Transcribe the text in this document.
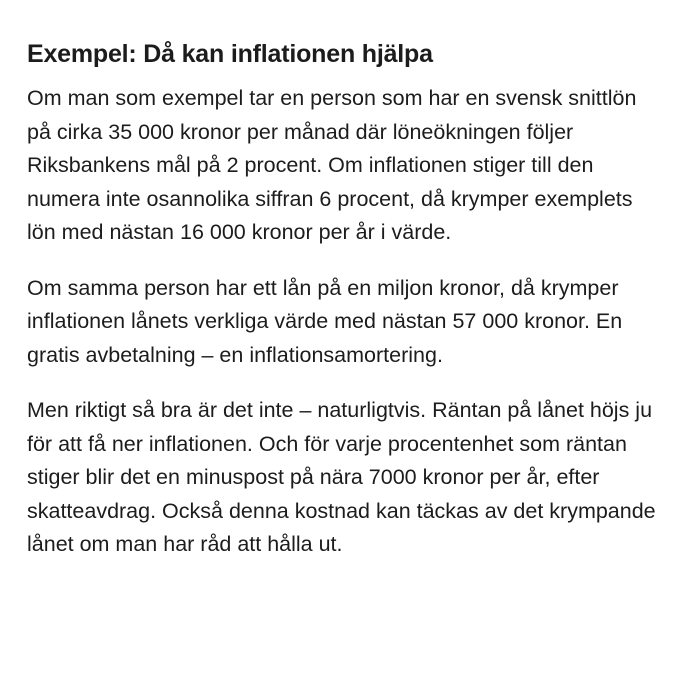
Exempel: Då kan inflationen hjälpa

Om man som exempel tar en person som har en svensk snittlön på cirka 35 000 kronor per månad där löneökningen följer Riksbankens mål på 2 procent. Om inflationen stiger till den numera inte osannolika siffran 6 procent, då krymper exemplets lön med nästan 16 000 kronor per år i värde.

Om samma person har ett lån på en miljon kronor, då krymper inflationen lånets verkliga värde med nästan 57 000 kronor. En gratis avbetalning – en inflationsamortering.

Men riktigt så bra är det inte – naturligtvis. Räntan på lånet höjs ju för att få ner inflationen. Och för varje procentenhet som räntan stiger blir det en minuspost på nära 7000 kronor per år, efter skatteavdrag. Också denna kostnad kan täckas av det krympande lånet om man har råd att hålla ut.
